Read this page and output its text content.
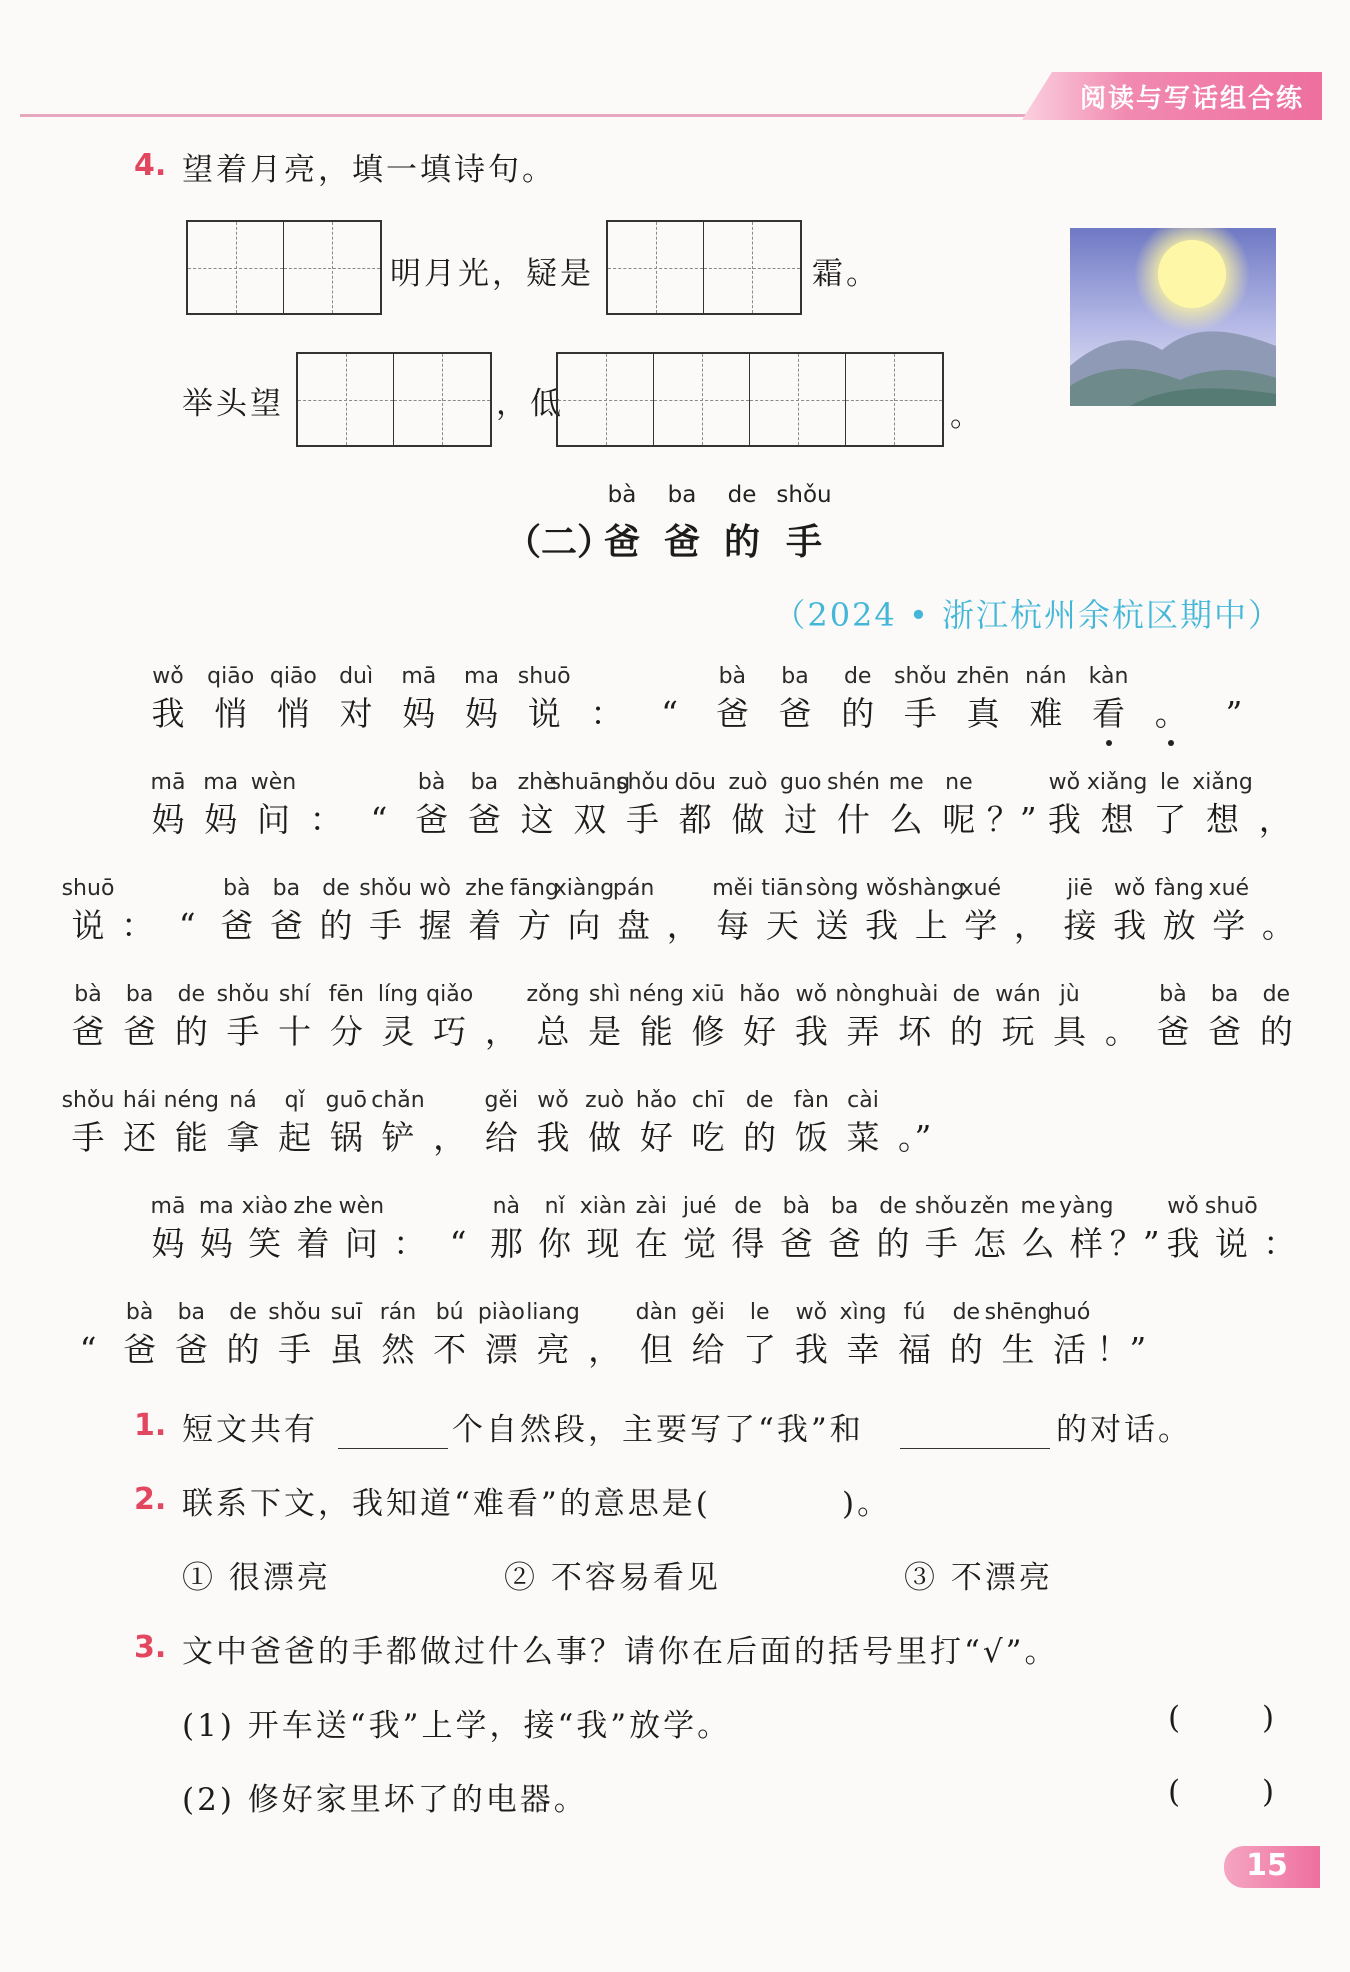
阅读与写话组合练
4. 望着月亮，填一填诗句。
明月光，疑是	霜。
举头望	，低	。
（二）
bà
爸
ba
爸
de
的
shǒu
手
（2024 • 浙江杭州余杭区期中）
wǒ
我
qiāo
悄
qiāo
悄
duì
对
mā
妈
ma
妈
shuō
说 ：	“
bà
爸
ba
爸
de
的
shǒu
手
zhēn
真
nán
难
kàn
看 。	”
mā
妈
ma
妈
wèn
问 ： “
bà
爸
ba
爸
zhè
这
shuāng
双
shǒu
手
dōu
都
zuò
做
guo
过
shén
什
me
么
ne
呢 ？”
wǒ
我
xiǎng
想
le
了
xiǎng
想 ，
shuō
说 ： “
bà
爸
ba
爸
de
的
shǒu
手
wò
握
zhe
着
fāng
方
xiàng
向
pán
盘 ，
měi
每
tiān
天
sòng
送
wǒ
我
shàng
上
xué
学 ，
jiē
接
wǒ
我
fàng
放
xué
学 。
bà
爸
ba
爸
de
的
shǒu
手
shí
十
fēn
分
líng
灵
qiǎo
巧 ，
zǒng
总
shì
是
néng
能
xiū
修
hǎo
好
wǒ
我
nòng
弄
huài
坏
de
的
wán
玩
jù
具 。
bà
爸
ba
爸
de
的
shǒu
手
hái
还
néng
能
ná
拿
qǐ
起
guō
锅
chǎn
铲 ，
gěi
给
wǒ
我
zuò
做
hǎo
好
chī
吃
de
的
fàn
饭
cài
菜 。”
mā
妈
ma
妈
xiào
笑
zhe
着
wèn
问 ： “
nà
那
nǐ
你
xiàn
现
zài
在
jué
觉
de
得
bà
爸
ba
爸
de
的
shǒu
手
zěn
怎
me
么
yàng
样 ？”
wǒ
我
shuō
说 ：
“
bà
爸
ba
爸
de
的
shǒu
手
suī
虽
rán
然
bú
不
piào
漂
liang
亮 ，
dàn
但
gěi
给
le
了
wǒ
我
xìng
幸
fú
福
de
的
shēng
生
huó
活 ！”
1. 短文共有	个自然段，主要写了“我”和	的对话。
2. 联系下文，我知道“难看”的意思是(	)。
① 很漂亮	② 不容易看见	③ 不漂亮
3. 文中爸爸的手都做过什么事？请你在后面的括号里打“√”。
(1) 开车送“我”上学，接“我”放学。	(	)
(2) 修好家里坏了的电器。	(	)
15
